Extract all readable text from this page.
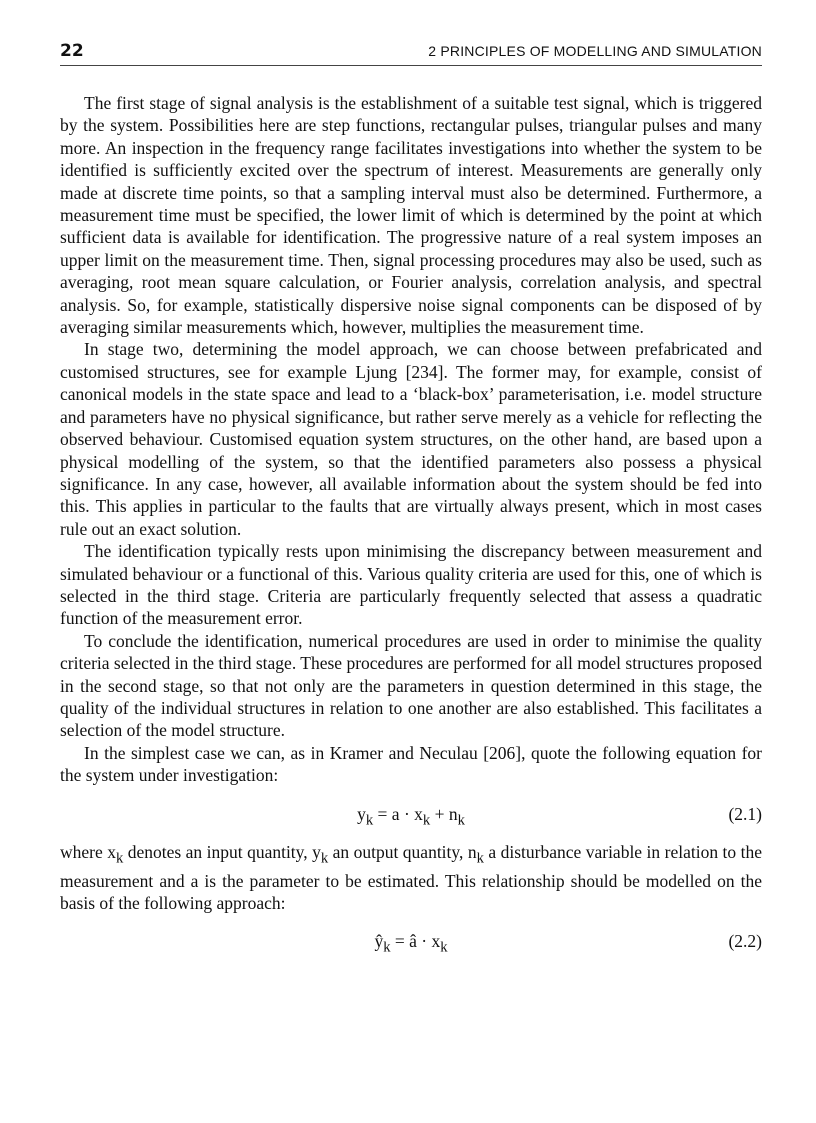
22	2 PRINCIPLES OF MODELLING AND SIMULATION

The first stage of signal analysis is the establishment of a suitable test signal, which is triggered by the system. Possibilities here are step functions, rectangular pulses, triangular pulses and many more. An inspection in the frequency range facilitates investigations into whether the system to be identified is sufficiently excited over the spectrum of interest. Measurements are generally only made at discrete time points, so that a sampling interval must also be determined. Furthermore, a measurement time must be specified, the lower limit of which is determined by the point at which sufficient data is available for identification. The progressive nature of a real system imposes an upper limit on the measurement time. Then, signal processing procedures may also be used, such as averaging, root mean square calculation, or Fourier analysis, correlation analysis, and spectral analysis. So, for example, statistically dispersive noise signal components can be disposed of by averaging similar measurements which, however, multiplies the measurement time.

In stage two, determining the model approach, we can choose between prefabricated and customised structures, see for example Ljung [234]. The former may, for example, consist of canonical models in the state space and lead to a ‘black-box’ parameterisation, i.e. model structure and parameters have no physical significance, but rather serve merely as a vehicle for reflecting the observed behaviour. Customised equation system structures, on the other hand, are based upon a physical modelling of the system, so that the identified parameters also possess a physical significance. In any case, however, all available information about the system should be fed into this. This applies in particular to the faults that are virtually always present, which in most cases rule out an exact solution.

The identification typically rests upon minimising the discrepancy between measurement and simulated behaviour or a functional of this. Various quality criteria are used for this, one of which is selected in the third stage. Criteria are particularly frequently selected that assess a quadratic function of the measurement error.

To conclude the identification, numerical procedures are used in order to minimise the quality criteria selected in the third stage. These procedures are performed for all model structures proposed in the second stage, so that not only are the parameters in question determined in this stage, the quality of the individual structures in relation to one another are also established. This facilitates a selection of the model structure.

In the simplest case we can, as in Kramer and Neculau [206], quote the following equation for the system under investigation:

$y_k = a \cdot x_k + n_k$	(2.1)

where $x_k$ denotes an input quantity, $y_k$ an output quantity, $n_k$ a disturbance variable in relation to the measurement and a is the parameter to be estimated. This relationship should be modelled on the basis of the following approach:

$ŷ_k$ = â · $x_k$	(2.2)
